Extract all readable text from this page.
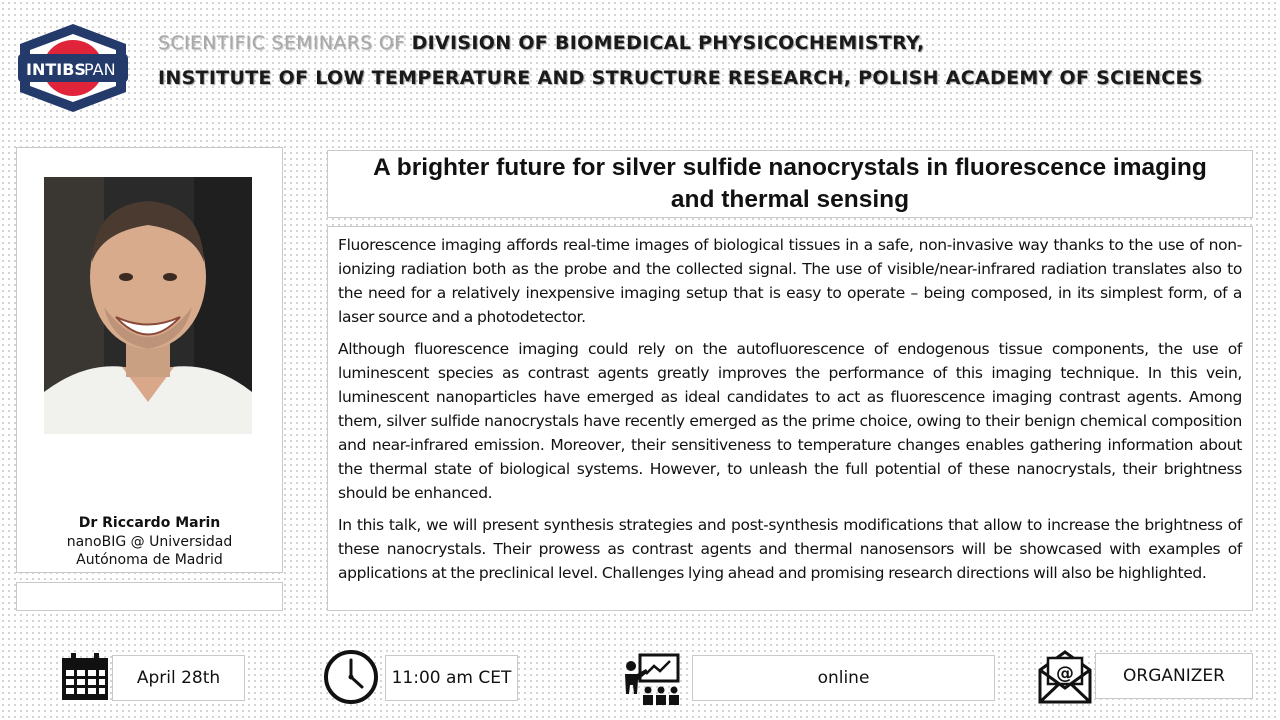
INTIBS
PAN
SCIENTIFIC SEMINARS OF DIVISION OF BIOMEDICAL PHYSICOCHEMISTRY,
INSTITUTE OF LOW TEMPERATURE AND STRUCTURE RESEARCH, POLISH ACADEMY OF SCIENCES
Dr Riccardo Marin
nanoBIG @ Universidad Autónoma de Madrid
A brighter future for silver sulfide nanocrystals in fluorescence imaging and thermal sensing

Fluorescence imaging affords real-time images of biological tissues in a safe, non-invasive way thanks to the use of non-ionizing radiation both as the probe and the collected signal. The use of visible/near-infrared radiation translates also to the need for a relatively inexpensive imaging setup that is easy to operate – being composed, in its simplest form, of a laser source and a photodetector.

Although fluorescence imaging could rely on the autofluorescence of endogenous tissue components, the use of luminescent species as contrast agents greatly improves the performance of this imaging technique. In this vein, luminescent nanoparticles have emerged as ideal candidates to act as fluorescence imaging contrast agents. Among them, silver sulfide nanocrystals have recently emerged as the prime choice, owing to their benign chemical composition and near-infrared emission. Moreover, their sensitiveness to temperature changes enables gathering information about the thermal state of biological systems. However, to unleash the full potential of these nanocrystals, their brightness should be enhanced.

In this talk, we will present synthesis strategies and post-synthesis modifications that allow to increase the brightness of these nanocrystals. Their prowess as contrast agents and thermal nanosensors will be showcased with examples of applications at the preclinical level. Challenges lying ahead and promising research directions will also be highlighted.

April 28th	11:00 am CET	online	@	ORGANIZER
